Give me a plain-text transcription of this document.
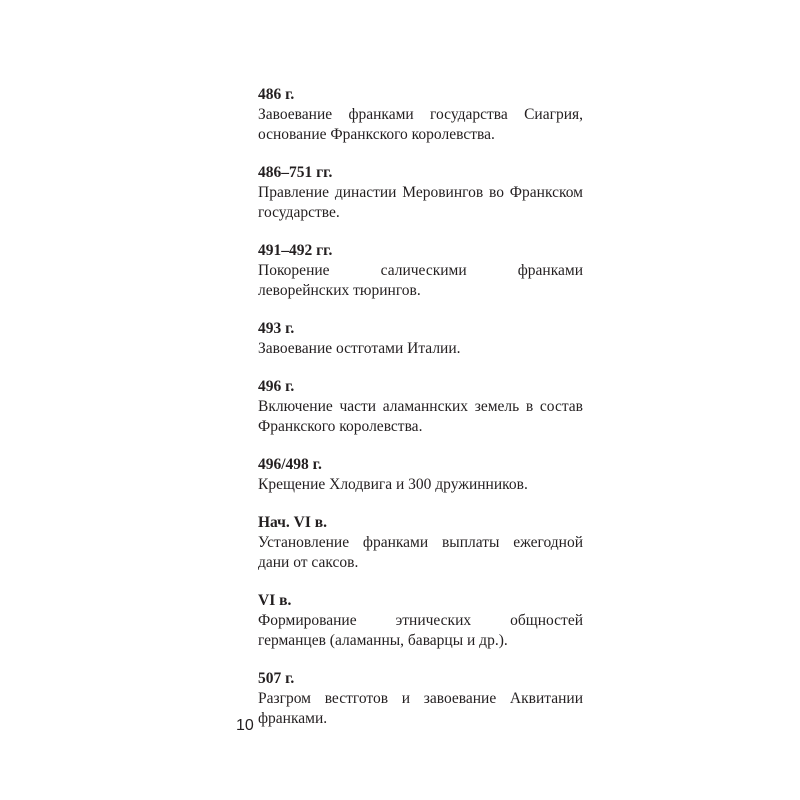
486 г.

Завоевание франками государства Сиагрия, основание Франкского королевства.

486–751 гг.

Правление династии Меровингов во Франкском государстве.

491–492 гг.

Покорение салическими франками леворейнских тюрингов.

493 г.

Завоевание остготами Италии.

496 г.

Включение части аламаннских земель в состав Франкского королевства.

496/498 г.

Крещение Хлодвига и 300 дружинников.

Нач. VI в.

Установление франками выплаты ежегодной дани от саксов.

VI в.

Формирование этнических общностей германцев (аламанны, баварцы и др.).

507 г.

Разгром вестготов и завоевание Аквитании франками.

10
